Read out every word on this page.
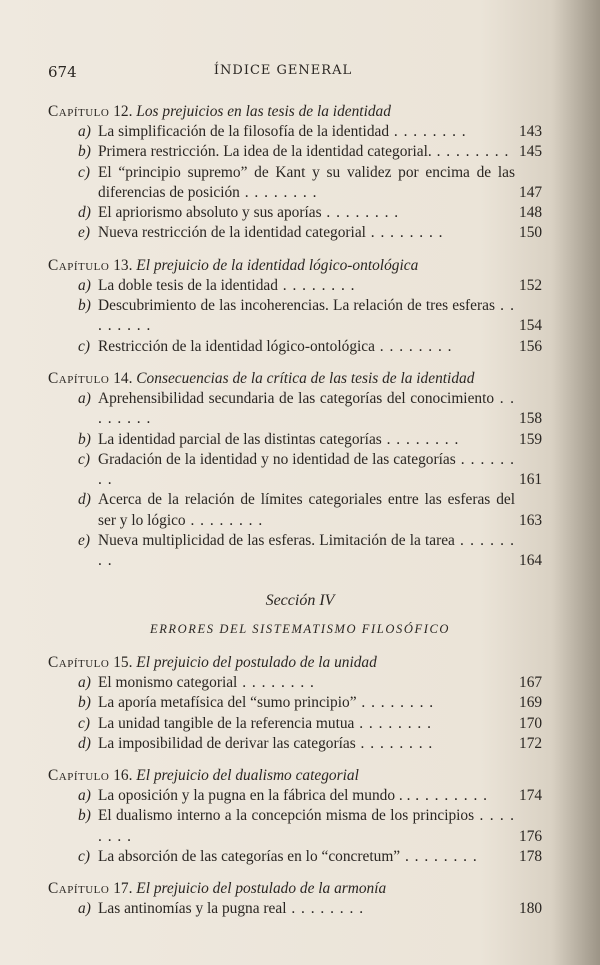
674	ÍNDICE GENERAL
Capítulo 12. Los prejuicios en las tesis de la identidad
a) La simplificación de la filosofía de la identidad . . . . . . . .	143
b) Primera restricción. La idea de la identidad categorial. . . . . . . . . 145
c) El “principio supremo” de Kant y su validez por encima de las diferencias de posición . . . . . . . .	147
d) El apriorismo absoluto y sus aporías . . . . . . . .	148
e) Nueva restricción de la identidad categorial . . . . . . . .	150
Capítulo 13. El prejuicio de la identidad lógico-ontológica
a) La doble tesis de la identidad . . . . . . . .	152
b) Descubrimiento de las incoherencias. La relación de tres esferas . . . . . . . .	154
c) Restricción de la identidad lógico-ontológica . . . . . . . .	156
Capítulo 14. Consecuencias de la crítica de las tesis de la identidad
a) Aprehensibilidad secundaria de las categorías del conocimiento . . . . . . . .	158
b) La identidad parcial de las distintas categorías . . . . . . . .	159
c) Gradación de la identidad y no identidad de las categorías . . . . . . . .	161
d) Acerca de la relación de límites categoriales entre las esferas del ser y lo lógico . . . . . . . .	163
e) Nueva multiplicidad de las esferas. Limitación de la tarea . . . . . . . .	164
Sección IV
ERRORES DEL SISTEMATISMO FILOSÓFICO
Capítulo 15. El prejuicio del postulado de la unidad
a) El monismo categorial . . . . . . . .	167
b) La aporía metafísica del “sumo principio” . . . . . . . .	169
c) La unidad tangible de la referencia mutua . . . . . . . .	170
d) La imposibilidad de derivar las categorías . . . . . . . .	172
Capítulo 16. El prejuicio del dualismo categorial
a) La oposición y la pugna en la fábrica del mundo . . . . . . . . . .	174
b) El dualismo interno a la concepción misma de los principios . . . . . . . .	176
c) La absorción de las categorías en lo “concretum” . . . . . . . .	178
Capítulo 17. El prejuicio del postulado de la armonía
a) Las antinomías y la pugna real . . . . . . . .	180
